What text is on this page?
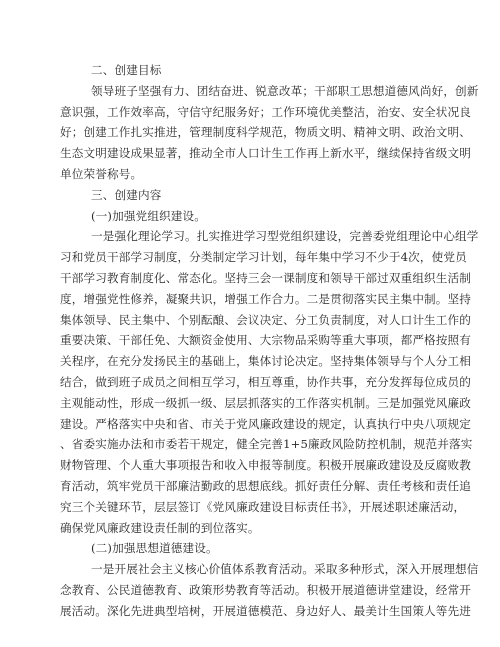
二、创建目标
领导班子坚强有力、团结奋进、锐意改革；干部职工思想道德风尚好，创新
意识强，工作效率高，守信守纪服务好；工作环境优美整洁，治安、安全状况良
好；创建工作扎实推进，管理制度科学规范，物质文明、精神文明、政治文明、
生态文明建设成果显著，推动全市人口计生工作再上新水平，继续保持省级文明
单位荣誉称号。
三、创建内容
(一)加强党组织建设。
一是强化理论学习。扎实推进学习型党组织建设，完善委党组理论中心组学
习和党员干部学习制度，分类制定学习计划，每年集中学习不少于4次，使党员
干部学习教育制度化、常态化。坚持三会一课制度和领导干部过双重组织生活制
度，增强党性修养，凝聚共识，增强工作合力。二是贯彻落实民主集中制。坚持
集体领导、民主集中、个别酝酿、会议决定、分工负责制度，对人口计生工作的
重要决策、干部任免、大额资金使用、大宗物品采购等重大事项，都严格按照有
关程序，在充分发扬民主的基础上，集体讨论决定。坚持集体领导与个人分工相
结合，做到班子成员之间相互学习，相互尊重，协作共事，充分发挥每位成员的
主观能动性，形成一级抓一级、层层抓落实的工作落实机制。三是加强党风廉政
建设。严格落实中央和省、市关于党风廉政建设的规定，认真执行中央八项规定
、省委实施办法和市委若干规定，健全完善1+5廉政风险防控机制，规范并落实
财物管理、个人重大事项报告和收入申报等制度。积极开展廉政建设及反腐败教
育活动，筑牢党员干部廉洁勤政的思想底线。抓好责任分解、责任考核和责任追
究三个关键环节，层层签订《党风廉政建设目标责任书》，开展述职述廉活动，
确保党风廉政建设责任制的到位落实。
(二)加强思想道德建设。
一是开展社会主义核心价值体系教育活动。采取多种形式，深入开展理想信
念教育、公民道德教育、政策形势教育等活动。积极开展道德讲堂建设，经常开
展活动。深化先进典型培树，开展道德模范、身边好人、最美计生国策人等先进
